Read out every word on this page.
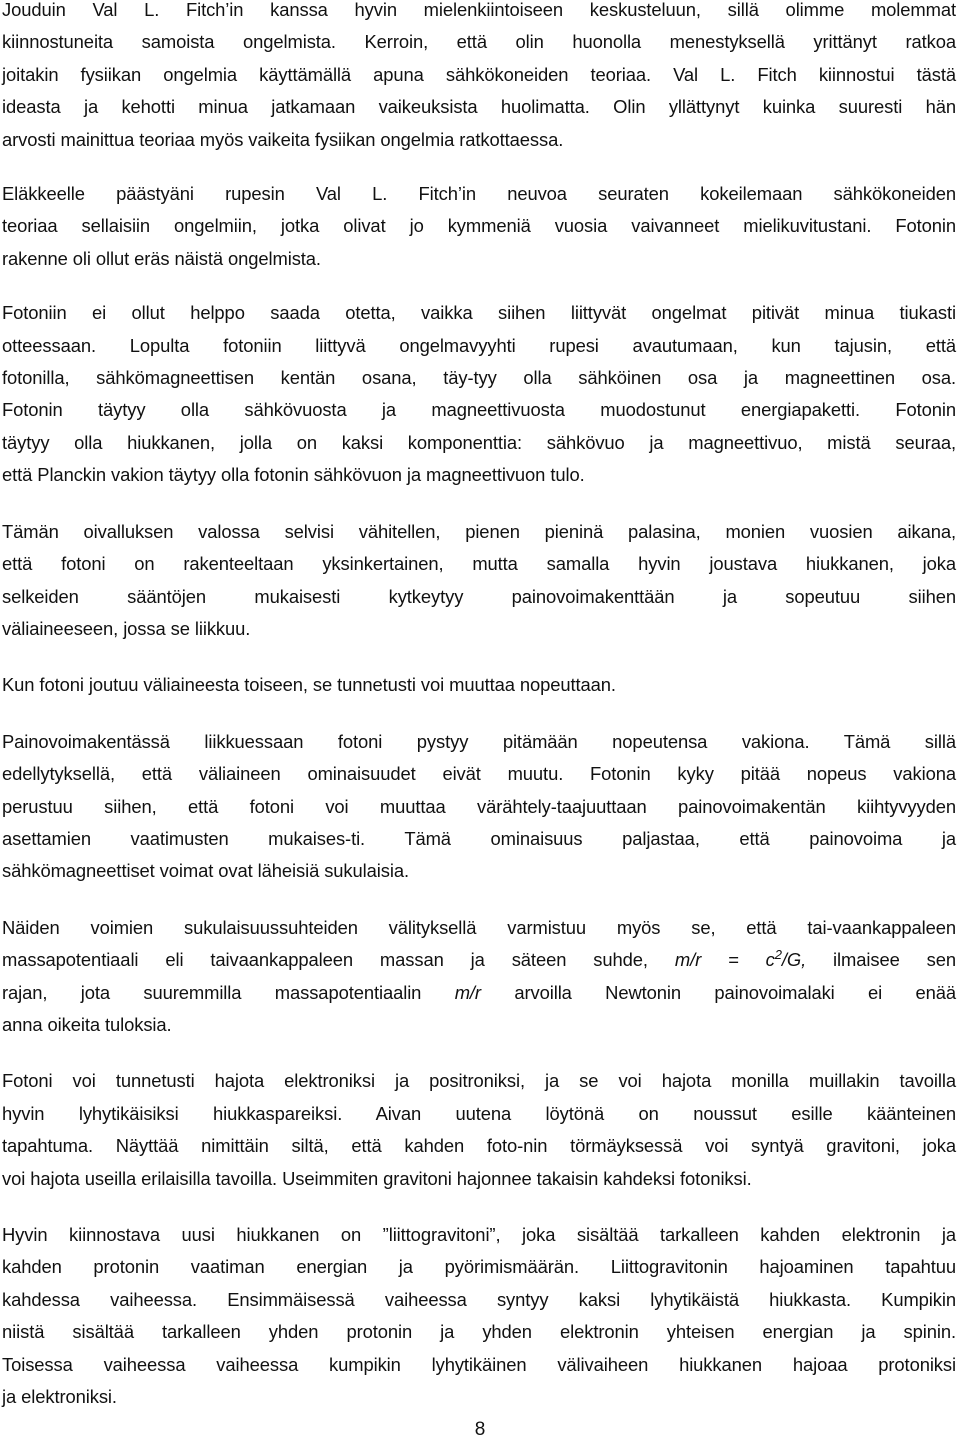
Jouduin Val L. Fitch’in kanssa hyvin mielenkiintoiseen keskusteluun, sillä olimme molemmat
kiinnostuneita samoista ongelmista. Kerroin, että olin huonolla menestyksellä yrittänyt ratkoa
joitakin fysiikan ongelmia käyttämällä apuna sähkökoneiden teoriaa. Val L. Fitch kiinnostui tästä
ideasta ja kehotti minua jatkamaan vaikeuksista huolimatta. Olin yllättynyt kuinka suuresti hän
arvosti mainittua teoriaa myös vaikeita fysiikan ongelmia ratkottaessa.

Eläkkeelle päästyäni rupesin Val L. Fitch’in neuvoa seuraten kokeilemaan sähkökoneiden
teoriaa sellaisiin ongelmiin, jotka olivat jo kymmeniä vuosia vaivanneet mielikuvitustani. Fotonin
rakenne oli ollut eräs näistä ongelmista.

Fotoniin ei ollut helppo saada otetta, vaikka siihen liittyvät ongelmat pitivät minua tiukasti
otteessaan. Lopulta fotoniin liittyvä ongelmavyyhti rupesi avautumaan, kun tajusin, että
fotonilla, sähkömagneettisen kentän osana, täy-tyy olla sähköinen osa ja magneettinen osa.
Fotonin täytyy olla sähkövuosta ja magneettivuosta muodostunut energiapaketti. Fotonin
täytyy olla hiukkanen, jolla on kaksi komponenttia: sähkövuo ja magneettivuo, mistä seuraa,
että Planckin vakion täytyy olla fotonin sähkövuon ja magneettivuon tulo.

Tämän oivalluksen valossa selvisi vähitellen, pienen pieninä palasina, monien vuosien aikana,
että fotoni on rakenteeltaan yksinkertainen, mutta samalla hyvin joustava hiukkanen, joka
selkeiden sääntöjen mukaisesti kytkeytyy painovoimakenttään ja sopeutuu siihen
väliaineeseen, jossa se liikkuu.

Kun fotoni joutuu väliaineesta toiseen, se tunnetusti voi muuttaa nopeuttaan.

Painovoimakentässä liikkuessaan fotoni pystyy pitämään nopeutensa vakiona. Tämä sillä
edellytyksellä, että väliaineen ominaisuudet eivät muutu. Fotonin kyky pitää nopeus vakiona
perustuu siihen, että fotoni voi muuttaa värähtely-taajuuttaan painovoimakentän kiihtyvyyden
asettamien vaatimusten mukaises-ti. Tämä ominaisuus paljastaa, että painovoima ja
sähkömagneettiset voimat ovat läheisiä sukulaisia.

Näiden voimien sukulaisuussuhteiden välityksellä varmistuu myös se, että tai-vaankappaleen
massapotentiaali eli taivaankappaleen massan ja säteen suhde, $m/r = c^2/G$, ilmaisee sen
rajan, jota suuremmilla massapotentiaalin m/r arvoilla Newtonin painovoimalaki ei enää
anna oikeita tuloksia.

Fotoni voi tunnetusti hajota elektroniksi ja positroniksi, ja se voi hajota monilla muillakin tavoilla
hyvin lyhytikäisiksi hiukkaspareiksi. Aivan uutena löytönä on noussut esille käänteinen
tapahtuma. Näyttää nimittäin siltä, että kahden foto-nin törmäyksessä voi syntyä gravitoni, joka
voi hajota useilla erilaisilla tavoilla. Useimmiten gravitoni hajonnee takaisin kahdeksi fotoniksi.

Hyvin kiinnostava uusi hiukkanen on ”liittogravitoni”, joka sisältää tarkalleen kahden elektronin ja
kahden protonin vaatiman energian ja pyörimismäärän. Liittogravitonin hajoaminen tapahtuu
kahdessa vaiheessa. Ensimmäisessä vaiheessa syntyy kaksi lyhytikäistä hiukkasta. Kumpikin
niistä sisältää tarkalleen yhden protonin ja yhden elektronin yhteisen energian ja spinin.
Toisessa vaiheessa vaiheessa kumpikin lyhytikäinen välivaiheen hiukkanen hajoaa protoniksi
ja elektroniksi.

8
